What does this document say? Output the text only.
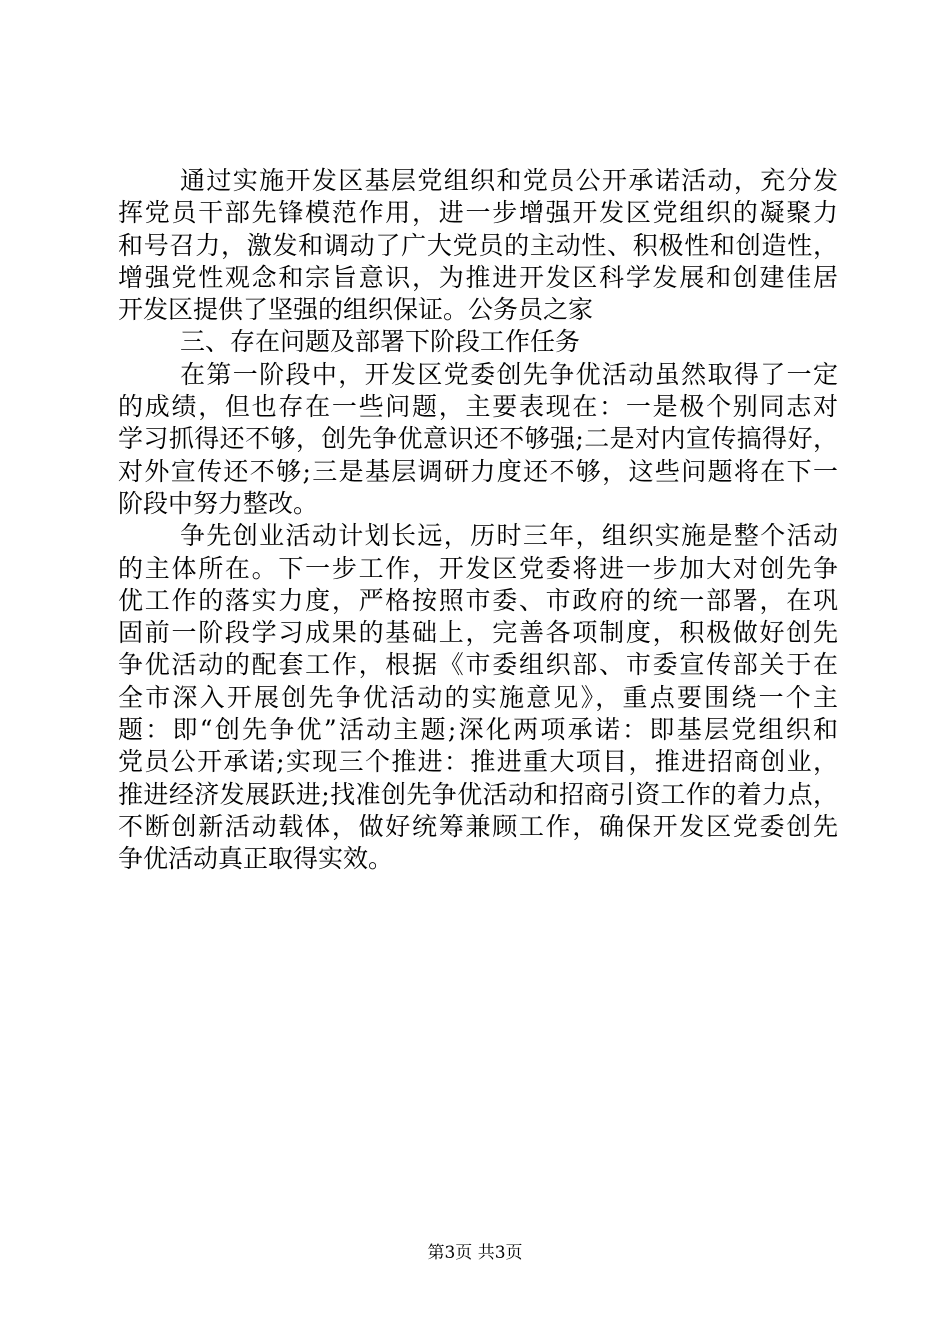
通过实施开发区基层党组织和党员公开承诺活动，充分发
挥党员干部先锋模范作用，进一步增强开发区党组织的凝聚力
和号召力，激发和调动了广大党员的主动性、积极性和创造性，
增强党性观念和宗旨意识，为推进开发区科学发展和创建佳居
开发区提供了坚强的组织保证。公务员之家
三、存在问题及部署下阶段工作任务
在第一阶段中，开发区党委创先争优活动虽然取得了一定
的成绩，但也存在一些问题，主要表现在：一是极个别同志对
学习抓得还不够，创先争优意识还不够强;二是对内宣传搞得好，
对外宣传还不够;三是基层调研力度还不够，这些问题将在下一
阶段中努力整改。
争先创业活动计划长远，历时三年，组织实施是整个活动
的主体所在。下一步工作，开发区党委将进一步加大对创先争
优工作的落实力度，严格按照市委、市政府的统一部署，在巩
固前一阶段学习成果的基础上，完善各项制度，积极做好创先
争优活动的配套工作，根据《市委组织部、市委宣传部关于在
全市深入开展创先争优活动的实施意见》，重点要围绕一个主
题：即“创先争优”活动主题;深化两项承诺：即基层党组织和
党员公开承诺;实现三个推进：推进重大项目，推进招商创业，
推进经济发展跃进;找准创先争优活动和招商引资工作的着力点，
不断创新活动载体，做好统筹兼顾工作，确保开发区党委创先
争优活动真正取得实效。
第3页 共3页
